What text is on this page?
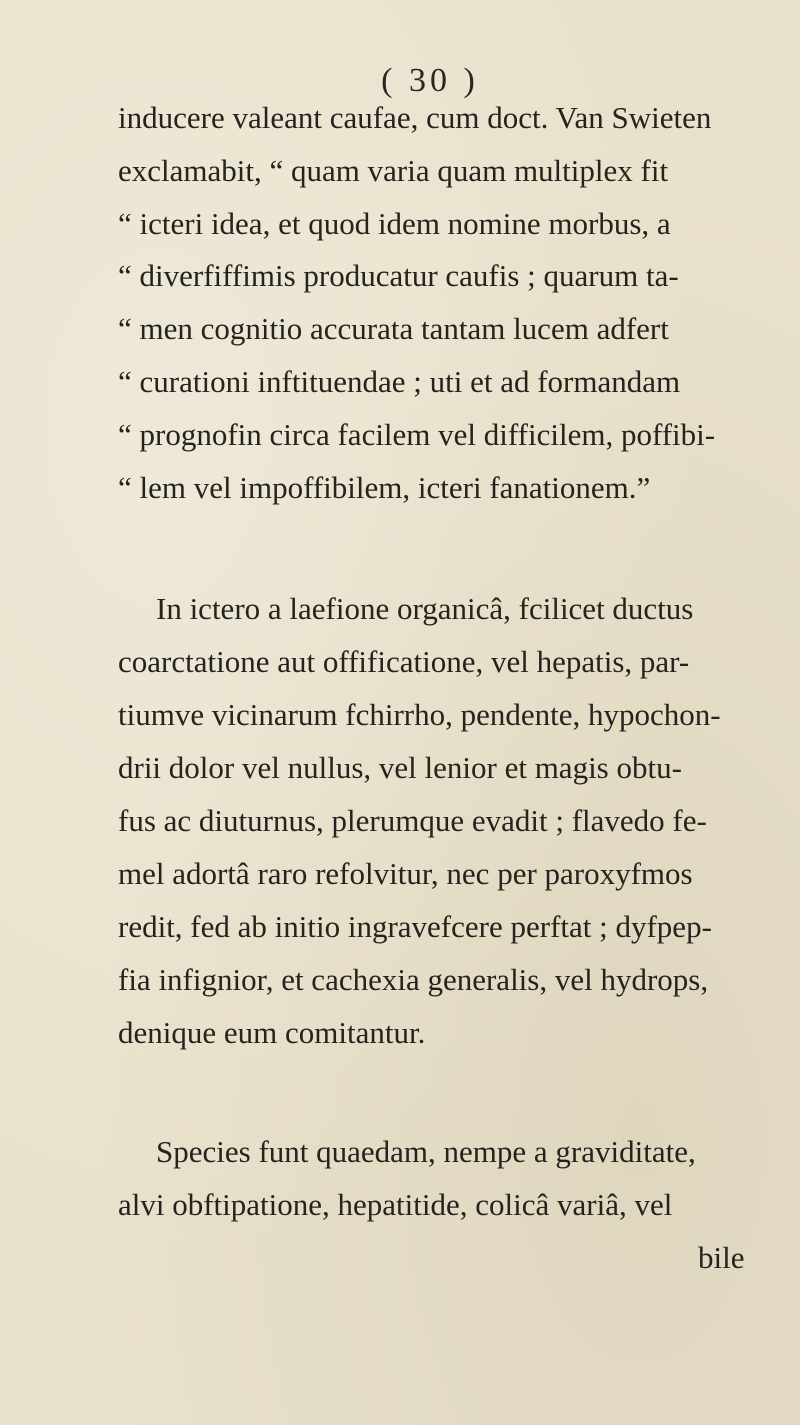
( 30 )
inducere valeant caufae, cum doct. Van Swieten
exclamabit, “ quam varia quam multiplex fit
“ icteri idea, et quod idem nomine morbus, a
“ diverfiffimis producatur caufis ; quarum ta-
“ men cognitio accurata tantam lucem adfert
“ curationi inftituendae ; uti et ad formandam
“ prognofin circa facilem vel difficilem, poffibi-
“ lem vel impoffibilem, icteri fanationem.”
In ictero a laefione organicâ, fcilicet ductus
coarctatione aut offificatione, vel hepatis, par-
tiumve vicinarum fchirrho, pendente, hypochon-
drii dolor vel nullus, vel lenior et magis obtu-
fus ac diuturnus, plerumque evadit ; flavedo fe-
mel adortâ raro refolvitur, nec per paroxyfmos
redit, fed ab initio ingravefcere perftat ; dyfpep-
fia infignior, et cachexia generalis, vel hydrops,
denique eum comitantur.
Species funt quaedam, nempe a graviditate,
alvi obftipatione, hepatitide, colicâ variâ, vel
bile
